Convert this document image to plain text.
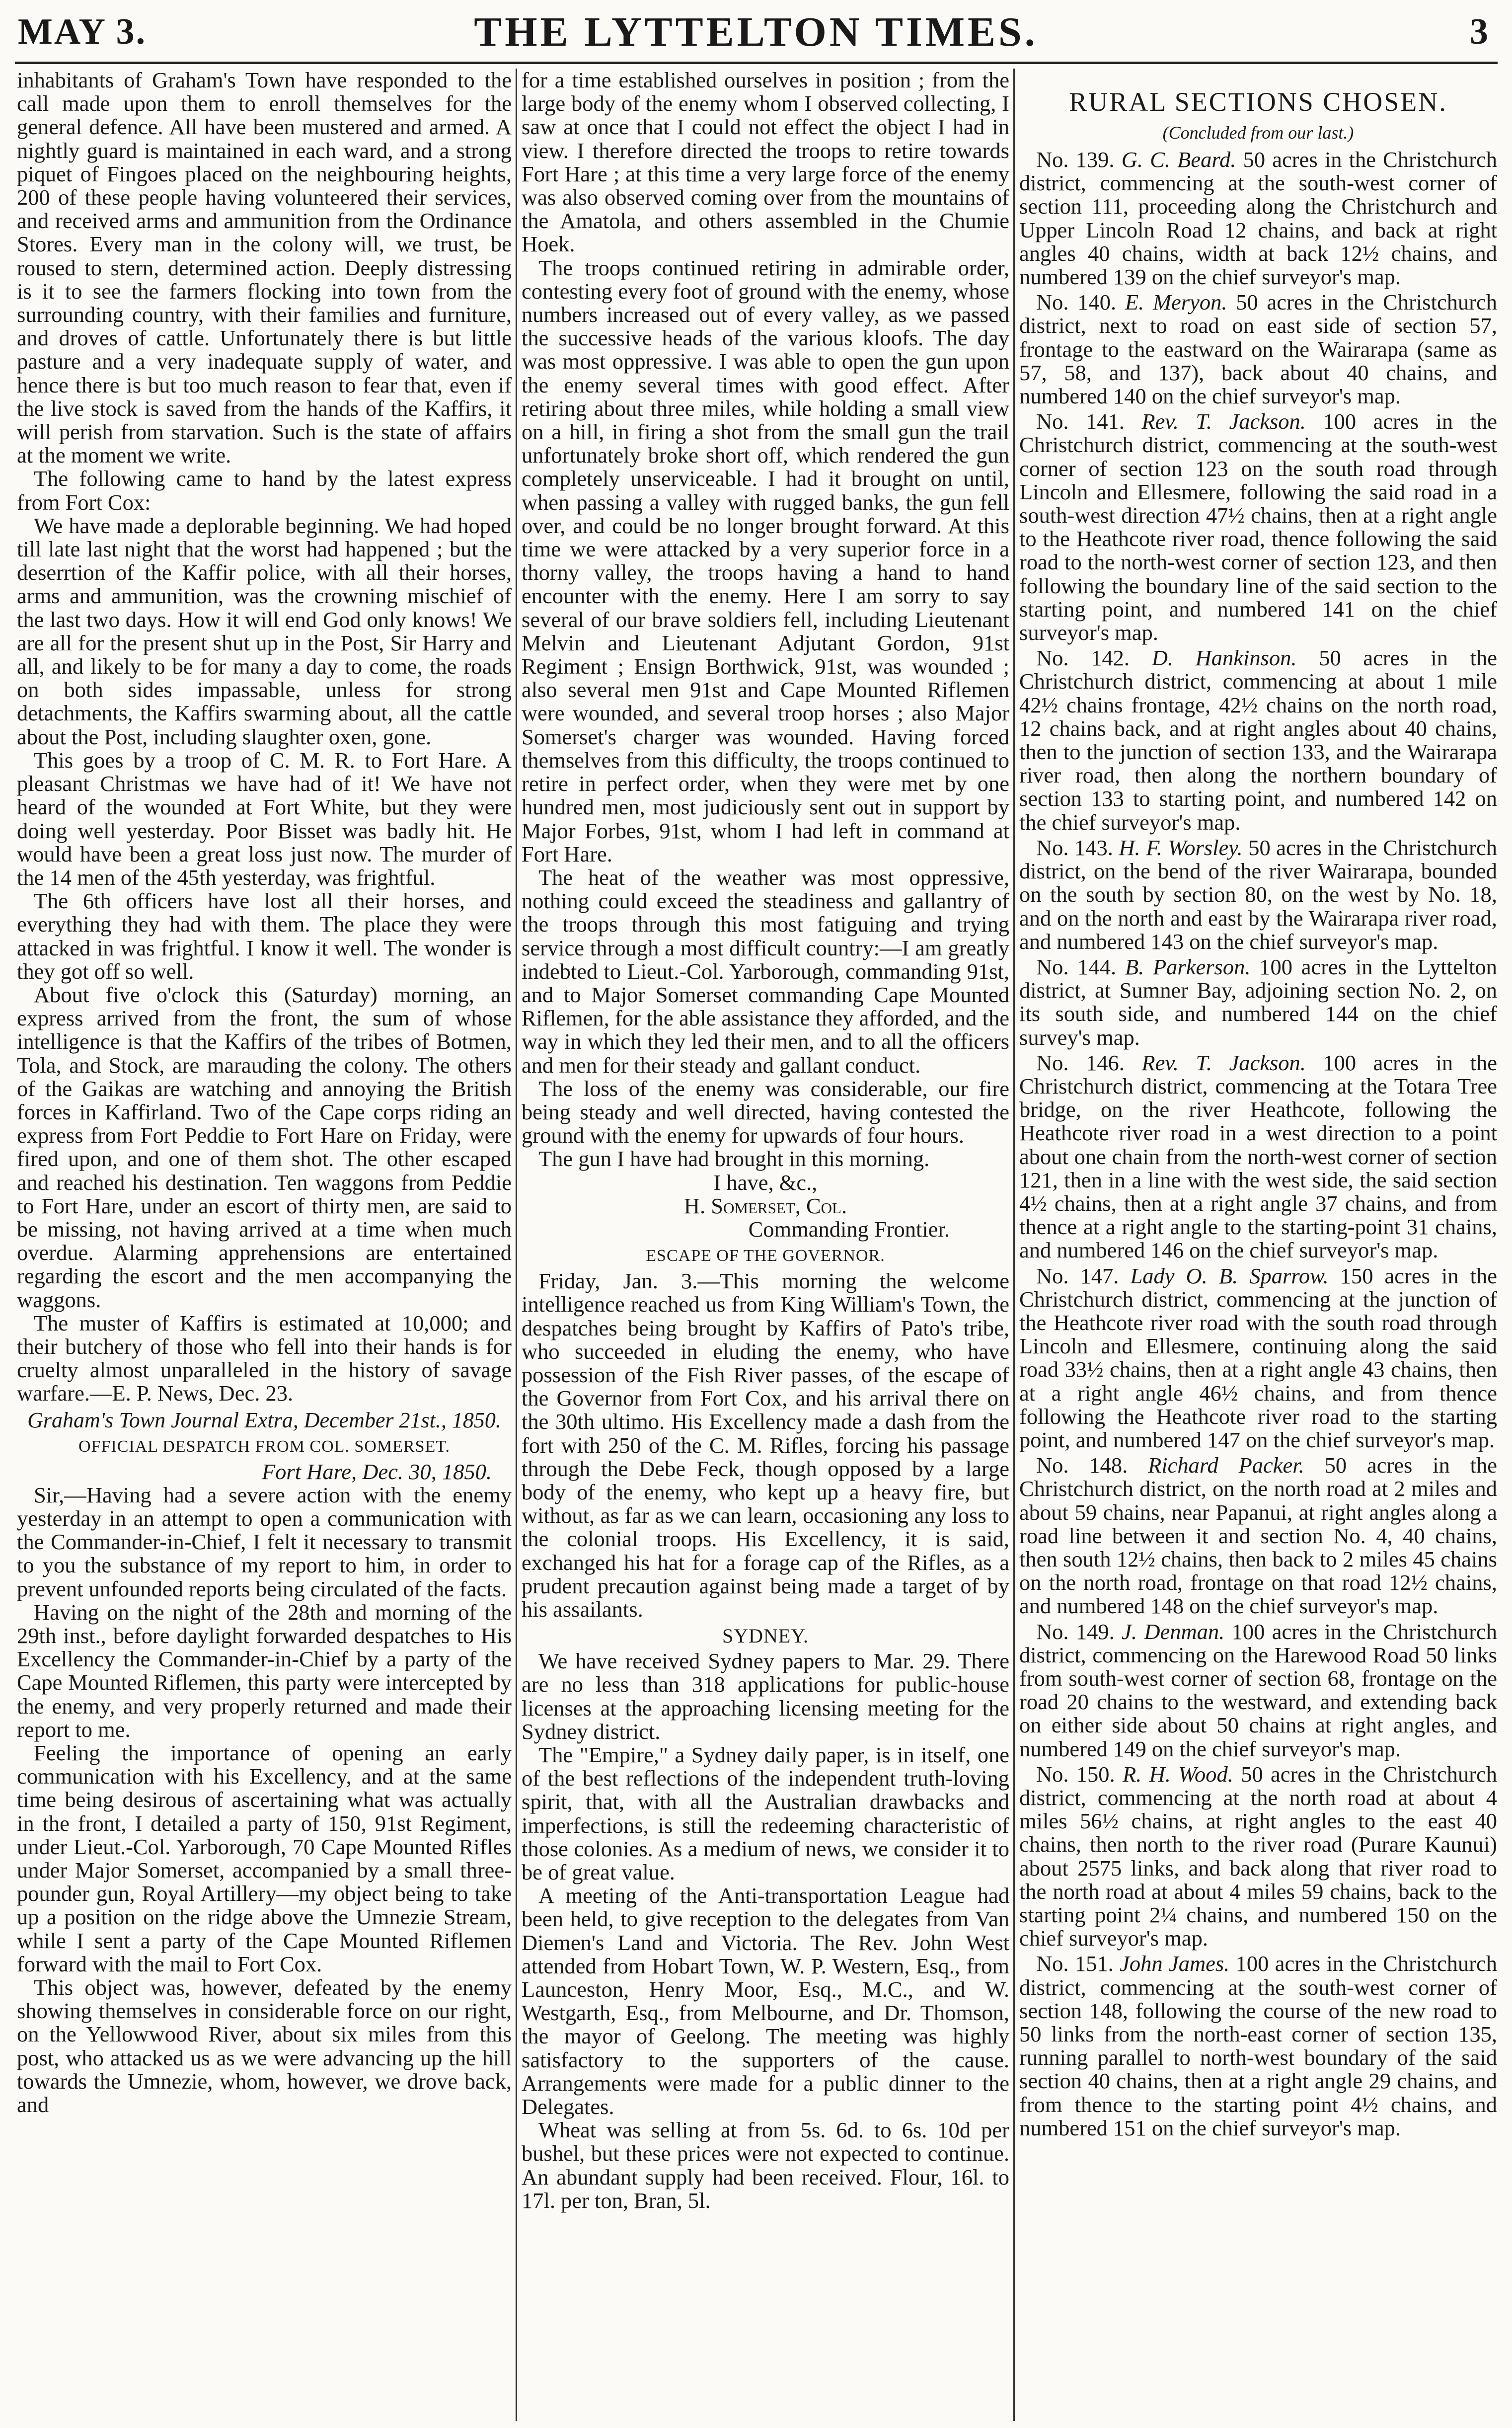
MAY 3.	THE LYTTELTON TIMES.	3

inhabitants of Graham's Town have responded to the call made upon them to enroll themselves for the general defence. All have been mustered and armed. A nightly guard is maintained in each ward, and a strong piquet of Fingoes placed on the neighbouring heights, 200 of these people having volunteered their services, and received arms and ammunition from the Ordinance Stores. Every man in the colony will, we trust, be roused to stern, determined action. Deeply distressing is it to see the farmers flocking into town from the surrounding country, with their families and furniture, and droves of cattle. Unfortunately there is but little pasture and a very inadequate supply of water, and hence there is but too much reason to fear that, even if the live stock is saved from the hands of the Kaffirs, it will perish from starvation. Such is the state of affairs at the moment we write.

The following came to hand by the latest express from Fort Cox:

We have made a deplorable beginning. We had hoped till late last night that the worst had happened ; but the deserrtion of the Kaffir police, with all their horses, arms and ammunition, was the crowning mischief of the last two days. How it will end God only knows! We are all for the present shut up in the Post, Sir Harry and all, and likely to be for many a day to come, the roads on both sides impassable, unless for strong detachments, the Kaffirs swarming about, all the cattle about the Post, including slaughter oxen, gone.

This goes by a troop of C. M. R. to Fort Hare. A pleasant Christmas we have had of it! We have not heard of the wounded at Fort White, but they were doing well yesterday. Poor Bisset was badly hit. He would have been a great loss just now. The murder of the 14 men of the 45th yesterday, was frightful.

The 6th officers have lost all their horses, and everything they had with them. The place they were attacked in was frightful. I know it well. The wonder is they got off so well.

About five o'clock this (Saturday) morning, an express arrived from the front, the sum of whose intelligence is that the Kaffirs of the tribes of Botmen, Tola, and Stock, are marauding the colony. The others of the Gaikas are watching and annoying the British forces in Kaffirland. Two of the Cape corps riding an express from Fort Peddie to Fort Hare on Friday, were fired upon, and one of them shot. The other escaped and reached his destination. Ten waggons from Peddie to Fort Hare, under an escort of thirty men, are said to be missing, not having arrived at a time when much overdue. Alarming apprehensions are entertained regarding the escort and the men accompanying the waggons.

The muster of Kaffirs is estimated at 10,000; and their butchery of those who fell into their hands is for cruelty almost unparalleled in the history of savage warfare.—E. P. News, Dec. 23.

Graham's Town Journal Extra, December 21st., 1850.
OFFICIAL DESPATCH FROM COL. SOMERSET.

Fort Hare, Dec. 30, 1850.

Sir,—Having had a severe action with the enemy yesterday in an attempt to open a communication with the Commander-in-Chief, I felt it necessary to transmit to you the substance of my report to him, in order to prevent unfounded reports being circulated of the facts.

Having on the night of the 28th and morning of the 29th inst., before daylight forwarded despatches to His Excellency the Commander-in-Chief by a party of the Cape Mounted Riflemen, this party were intercepted by the enemy, and very properly returned and made their report to me.

Feeling the importance of opening an early communication with his Excellency, and at the same time being desirous of ascertaining what was actually in the front, I detailed a party of 150, 91st Regiment, under Lieut.-Col. Yarborough, 70 Cape Mounted Rifles under Major Somerset, accompanied by a small three-pounder gun, Royal Artillery—my object being to take up a position on the ridge above the Umnezie Stream, while I sent a party of the Cape Mounted Riflemen forward with the mail to Fort Cox.

This object was, however, defeated by the enemy showing themselves in considerable force on our right, on the Yellowwood River, about six miles from this post, who attacked us as we were advancing up the hill towards the Umnezie, whom, however, we drove back, and

for a time established ourselves in position ; from the large body of the enemy whom I observed collecting, I saw at once that I could not effect the object I had in view. I therefore directed the troops to retire towards Fort Hare ; at this time a very large force of the enemy was also observed coming over from the mountains of the Amatola, and others assembled in the Chumie Hoek.

The troops continued retiring in admirable order, contesting every foot of ground with the enemy, whose numbers increased out of every valley, as we passed the successive heads of the various kloofs. The day was most oppressive. I was able to open the gun upon the enemy several times with good effect. After retiring about three miles, while holding a small view on a hill, in firing a shot from the small gun the trail unfortunately broke short off, which rendered the gun completely unserviceable. I had it brought on until, when passing a valley with rugged banks, the gun fell over, and could be no longer brought forward. At this time we were attacked by a very superior force in a thorny valley, the troops having a hand to hand encounter with the enemy. Here I am sorry to say several of our brave soldiers fell, including Lieutenant Melvin and Lieutenant Adjutant Gordon, 91st Regiment ; Ensign Borthwick, 91st, was wounded ; also several men 91st and Cape Mounted Riflemen were wounded, and several troop horses ; also Major Somerset's charger was wounded. Having forced themselves from this difficulty, the troops continued to retire in perfect order, when they were met by one hundred men, most judiciously sent out in support by Major Forbes, 91st, whom I had left in command at Fort Hare.

The heat of the weather was most oppressive, nothing could exceed the steadiness and gallantry of the troops through this most fatiguing and trying service through a most difficult country:—I am greatly indebted to Lieut.-Col. Yarborough, commanding 91st, and to Major Somerset commanding Cape Mounted Riflemen, for the able assistance they afforded, and the way in which they led their men, and to all the officers and men for their steady and gallant conduct.

The loss of the enemy was considerable, our fire being steady and well directed, having contested the ground with the enemy for upwards of four hours.

The gun I have had brought in this morning.

I have, &c.,

H. Somerset, Col.

Commanding Frontier.

ESCAPE OF THE GOVERNOR.

Friday, Jan. 3.—This morning the welcome intelligence reached us from King William's Town, the despatches being brought by Kaffirs of Pato's tribe, who succeeded in eluding the enemy, who have possession of the Fish River passes, of the escape of the Governor from Fort Cox, and his arrival there on the 30th ultimo. His Excellency made a dash from the fort with 250 of the C. M. Rifles, forcing his passage through the Debe Feck, though opposed by a large body of the enemy, who kept up a heavy fire, but without, as far as we can learn, occasioning any loss to the colonial troops. His Excellency, it is said, exchanged his hat for a forage cap of the Rifles, as a prudent precaution against being made a target of by his assailants.

SYDNEY.

We have received Sydney papers to Mar. 29. There are no less than 318 applications for public-house licenses at the approaching licensing meeting for the Sydney district.

The "Empire," a Sydney daily paper, is in itself, one of the best reflections of the independent truth-loving spirit, that, with all the Australian drawbacks and imperfections, is still the redeeming characteristic of those colonies. As a medium of news, we consider it to be of great value.

A meeting of the Anti-transportation League had been held, to give reception to the delegates from Van Diemen's Land and Victoria. The Rev. John West attended from Hobart Town, W. P. Western, Esq., from Launceston, Henry Moor, Esq., M.C., and W. Westgarth, Esq., from Melbourne, and Dr. Thomson, the mayor of Geelong. The meeting was highly satisfactory to the supporters of the cause. Arrangements were made for a public dinner to the Delegates.

Wheat was selling at from 5s. 6d. to 6s. 10d per bushel, but these prices were not expected to continue. An abundant supply had been received. Flour, 16l. to 17l. per ton, Bran, 5l.

RURAL SECTIONS CHOSEN.
(Concluded from our last.)

No. 139. G. C. Beard. 50 acres in the Christchurch district, commencing at the south-west corner of section 111, proceeding along the Christchurch and Upper Lincoln Road 12 chains, and back at right angles 40 chains, width at back 12½ chains, and numbered 139 on the chief surveyor's map.

No. 140. E. Meryon. 50 acres in the Christchurch district, next to road on east side of section 57, frontage to the eastward on the Wairarapa (same as 57, 58, and 137), back about 40 chains, and numbered 140 on the chief surveyor's map.

No. 141. Rev. T. Jackson. 100 acres in the Christchurch district, commencing at the south-west corner of section 123 on the south road through Lincoln and Ellesmere, following the said road in a south-west direction 47½ chains, then at a right angle to the Heathcote river road, thence following the said road to the north-west corner of section 123, and then following the boundary line of the said section to the starting point, and numbered 141 on the chief surveyor's map.

No. 142. D. Hankinson. 50 acres in the Christchurch district, commencing at about 1 mile 42½ chains frontage, 42½ chains on the north road, 12 chains back, and at right angles about 40 chains, then to the junction of section 133, and the Wairarapa river road, then along the northern boundary of section 133 to starting point, and numbered 142 on the chief surveyor's map.

No. 143. H. F. Worsley. 50 acres in the Christchurch district, on the bend of the river Wairarapa, bounded on the south by section 80, on the west by No. 18, and on the north and east by the Wairarapa river road, and numbered 143 on the chief surveyor's map.

No. 144. B. Parkerson. 100 acres in the Lyttelton district, at Sumner Bay, adjoining section No. 2, on its south side, and numbered 144 on the chief survey's map.

No. 146. Rev. T. Jackson. 100 acres in the Christchurch district, commencing at the Totara Tree bridge, on the river Heathcote, following the Heathcote river road in a west direction to a point about one chain from the north-west corner of section 121, then in a line with the west side, the said section 4½ chains, then at a right angle 37 chains, and from thence at a right angle to the starting-point 31 chains, and numbered 146 on the chief surveyor's map.

No. 147. Lady O. B. Sparrow. 150 acres in the Christchurch district, commencing at the junction of the Heathcote river road with the south road through Lincoln and Ellesmere, continuing along the said road 33½ chains, then at a right angle 43 chains, then at a right angle 46½ chains, and from thence following the Heathcote river road to the starting point, and numbered 147 on the chief surveyor's map.

No. 148. Richard Packer. 50 acres in the Christchurch district, on the north road at 2 miles and about 59 chains, near Papanui, at right angles along a road line between it and section No. 4, 40 chains, then south 12½ chains, then back to 2 miles 45 chains on the north road, frontage on that road 12½ chains, and numbered 148 on the chief surveyor's map.

No. 149. J. Denman. 100 acres in the Christchurch district, commencing on the Harewood Road 50 links from south-west corner of section 68, frontage on the road 20 chains to the westward, and extending back on either side about 50 chains at right angles, and numbered 149 on the chief surveyor's map.

No. 150. R. H. Wood. 50 acres in the Christchurch district, commencing at the north road at about 4 miles 56½ chains, at right angles to the east 40 chains, then north to the river road (Purare Kaunui) about 2575 links, and back along that river road to the north road at about 4 miles 59 chains, back to the starting point 2¼ chains, and numbered 150 on the chief surveyor's map.

No. 151. John James. 100 acres in the Christchurch district, commencing at the south-west corner of section 148, following the course of the new road to 50 links from the north-east corner of section 135, running parallel to north-west boundary of the said section 40 chains, then at a right angle 29 chains, and from thence to the starting point 4½ chains, and numbered 151 on the chief surveyor's map.
